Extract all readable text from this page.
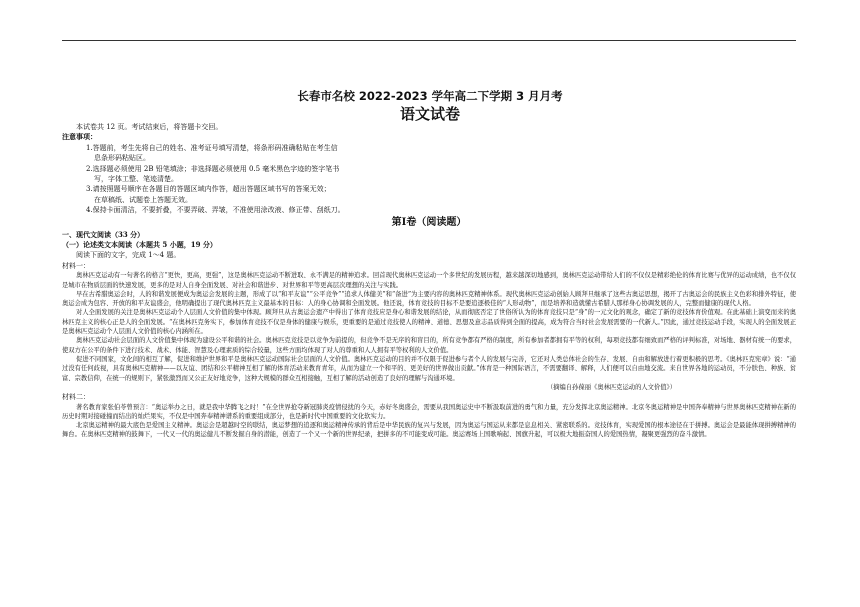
长春市名校 2022-2023 学年高二下学期 3 月月考
语文试卷

本试卷共 12 页。考试结束后，将答题卡交回。

注意事项：

1.答题前，考生先将自己的姓名、准考证号填写清楚，将条形码准确粘贴在考生信

息条形码粘贴区。

2.选择题必须使用 2B 铅笔填涂；非选择题必须使用 0.5 毫米黑色字迹的签字笔书

写，字体工整、笔迹清楚。

3.请按照题号顺序在各题目的答题区域内作答，超出答题区域书写的答案无效；

在草稿纸、试题卷上答题无效。

4.保持卡面清洁，不要折叠，不要弄破、弄皱，不准使用涂改液、修正带、刮纸刀。

第Ⅰ卷（阅读题）

一、现代文阅读（33 分）

（一）论述类文本阅读（本题共 5 小题，19 分）

阅读下面的文字，完成 1～4 题。

材料一：

奥林匹克运动有一句著名的格言“更快，更高，更强”，这是奥林匹克运动不断进取、永不满足的精神追求。回首现代奥林匹克运动一个多世纪的发展历程，越来越深切地感到，奥林匹克运动带给人们的不仅仅是精彩绝伦的体育比赛与优异的运动成绩，也不仅仅是城市在物质层面的快速发展，更多的是对人自身全面发展、对社会和谐进步、对世界和平等更高层次理想的关注与实践。

早在古希腊奥运会时，人的和谐发展便成为奥运会发展的主题，形成了以“和平友谊”“公平竞争”“追求人体健美”和“备进”为主要内容的奥林匹克精神体系。现代奥林匹克运动创始人顾拜旦继承了这些古奥运思想，揭开了古奥运会的民族主义色彩和排外特征，使奥运会成为包容、开放的和平友谊盛会，他明确提出了现代奥林匹克主义最基本的目标：人的身心协调和全面发展。他还说，体育竞技的目标不是要追逐极佳的“人形动物”，而是培养和造就懂古希腊人那样身心协调发展的人，完整而健康的现代人格。

对人全面发展的关注是奥林匹克运动个人层面人文价值的集中体现。顾拜旦从古奥运会遗产中得出了体育竞技应是身心和谐发展的结论，从而彻底否定了世俗所认为的体育竞技只是“身”的一元文化的观念，确定了新的竞技体育价值观。在此基础上演变而来的奥林匹克主义的核心正是人的全面发展。“在奥林匹克务实下，参加体育竞技不仅是身体的健康与娱乐，更重要的是通过竞技使人的精神、道德、思想及意志品质得到全面的提高，成为符合当时社会发展需要的一代新人。”因此，通过竞技运动手段，实现人的全面发展正是奥林匹克运动个人层面人文价值的核心内涵所在。

奥林匹克运动社会层面的人文价值集中体现为建设公平和谐的社会。奥林匹克竞技是以竞争为前提的，但竞争不是无序的和盲目的，所有竞争都有严格的制度，所有参加者都拥有平等的权利，每项竞技都有细致而严格的评判标准，对场地、器材有统一的要求，使双方在公平的条件下进行技术、战术、体能、智慧及心理素质的综合较量，这些方面均体现了对人的尊重和人人拥有平等权利的人文价值。

促进不同国家，文化间的相互了解，促进和维护世界和平是奥林匹克运动国际社会层面的人文价值。奥林匹克运动的目的并不仅限于促进参与者个人的发展与完善，它还对人类总体社会的生存、发展、自由和解放进行着更积极的思考。《奥林匹克宪章》说：“通过没有任何歧视，具有奥林匹克精神——以友谊、团结和公平精神互相了解的体育活动来教育青年，从而为建立一个和平的、更美好的世界做出贡献。”体育是一种国际语言，不需要翻译、解释，人们便可以自由地交流。来自世界各地的运动员，不分肤色、种族、贫富、宗教信仰，在统一的规则下，紧张激烈而又公正友好地竞争，这种大规模的群众互相接触，互相了解的活动创造了良好的理解与沟通环境。

（摘编自孙葆丽《奥林匹克运动的人文价值》）

材料二：

著名教育家张伯苓曾预言：“奥运举办之日，就是我中华腾飞之时！”在全世界抢夺新冠肺炎疫情侵扰的今天，赤好冬奥盛会，需要从我国奥运史中不断汲取前进的勇气和力量，充分发挥北京奥运精神。北京冬奥运精神是中国奔奉精神与世界奥林匹克精神在新的历史时期对接碰撞而结出的灿烂果实，不仅是中国奔奉精神谱系的重要组成部分，也是新时代中国重要的文化软实力。

北京奥运精神的最大底色是爱国主义精神。奥运会是超越时空的联结，奥运梦想的追逐和奥运精神传承的背后是中华民族的复兴与发展，因为奥运与国运从来都是息息相关、紧密联系的。竞技体育，实现爱国的根本途径在于拼搏。奥运会是最能体现拼搏精神的舞台。在奥林匹克精神的鼓舞下，一代又一代的奥运健儿不断发掘自身的潜能，创造了一个又一个新的世界纪录，把拼多的不可能变成可能。奥运赛场上国歌响起、国旗升起，可以极大地振奋国人的爱国热情，凝聚更强烈的奋斗激情。
